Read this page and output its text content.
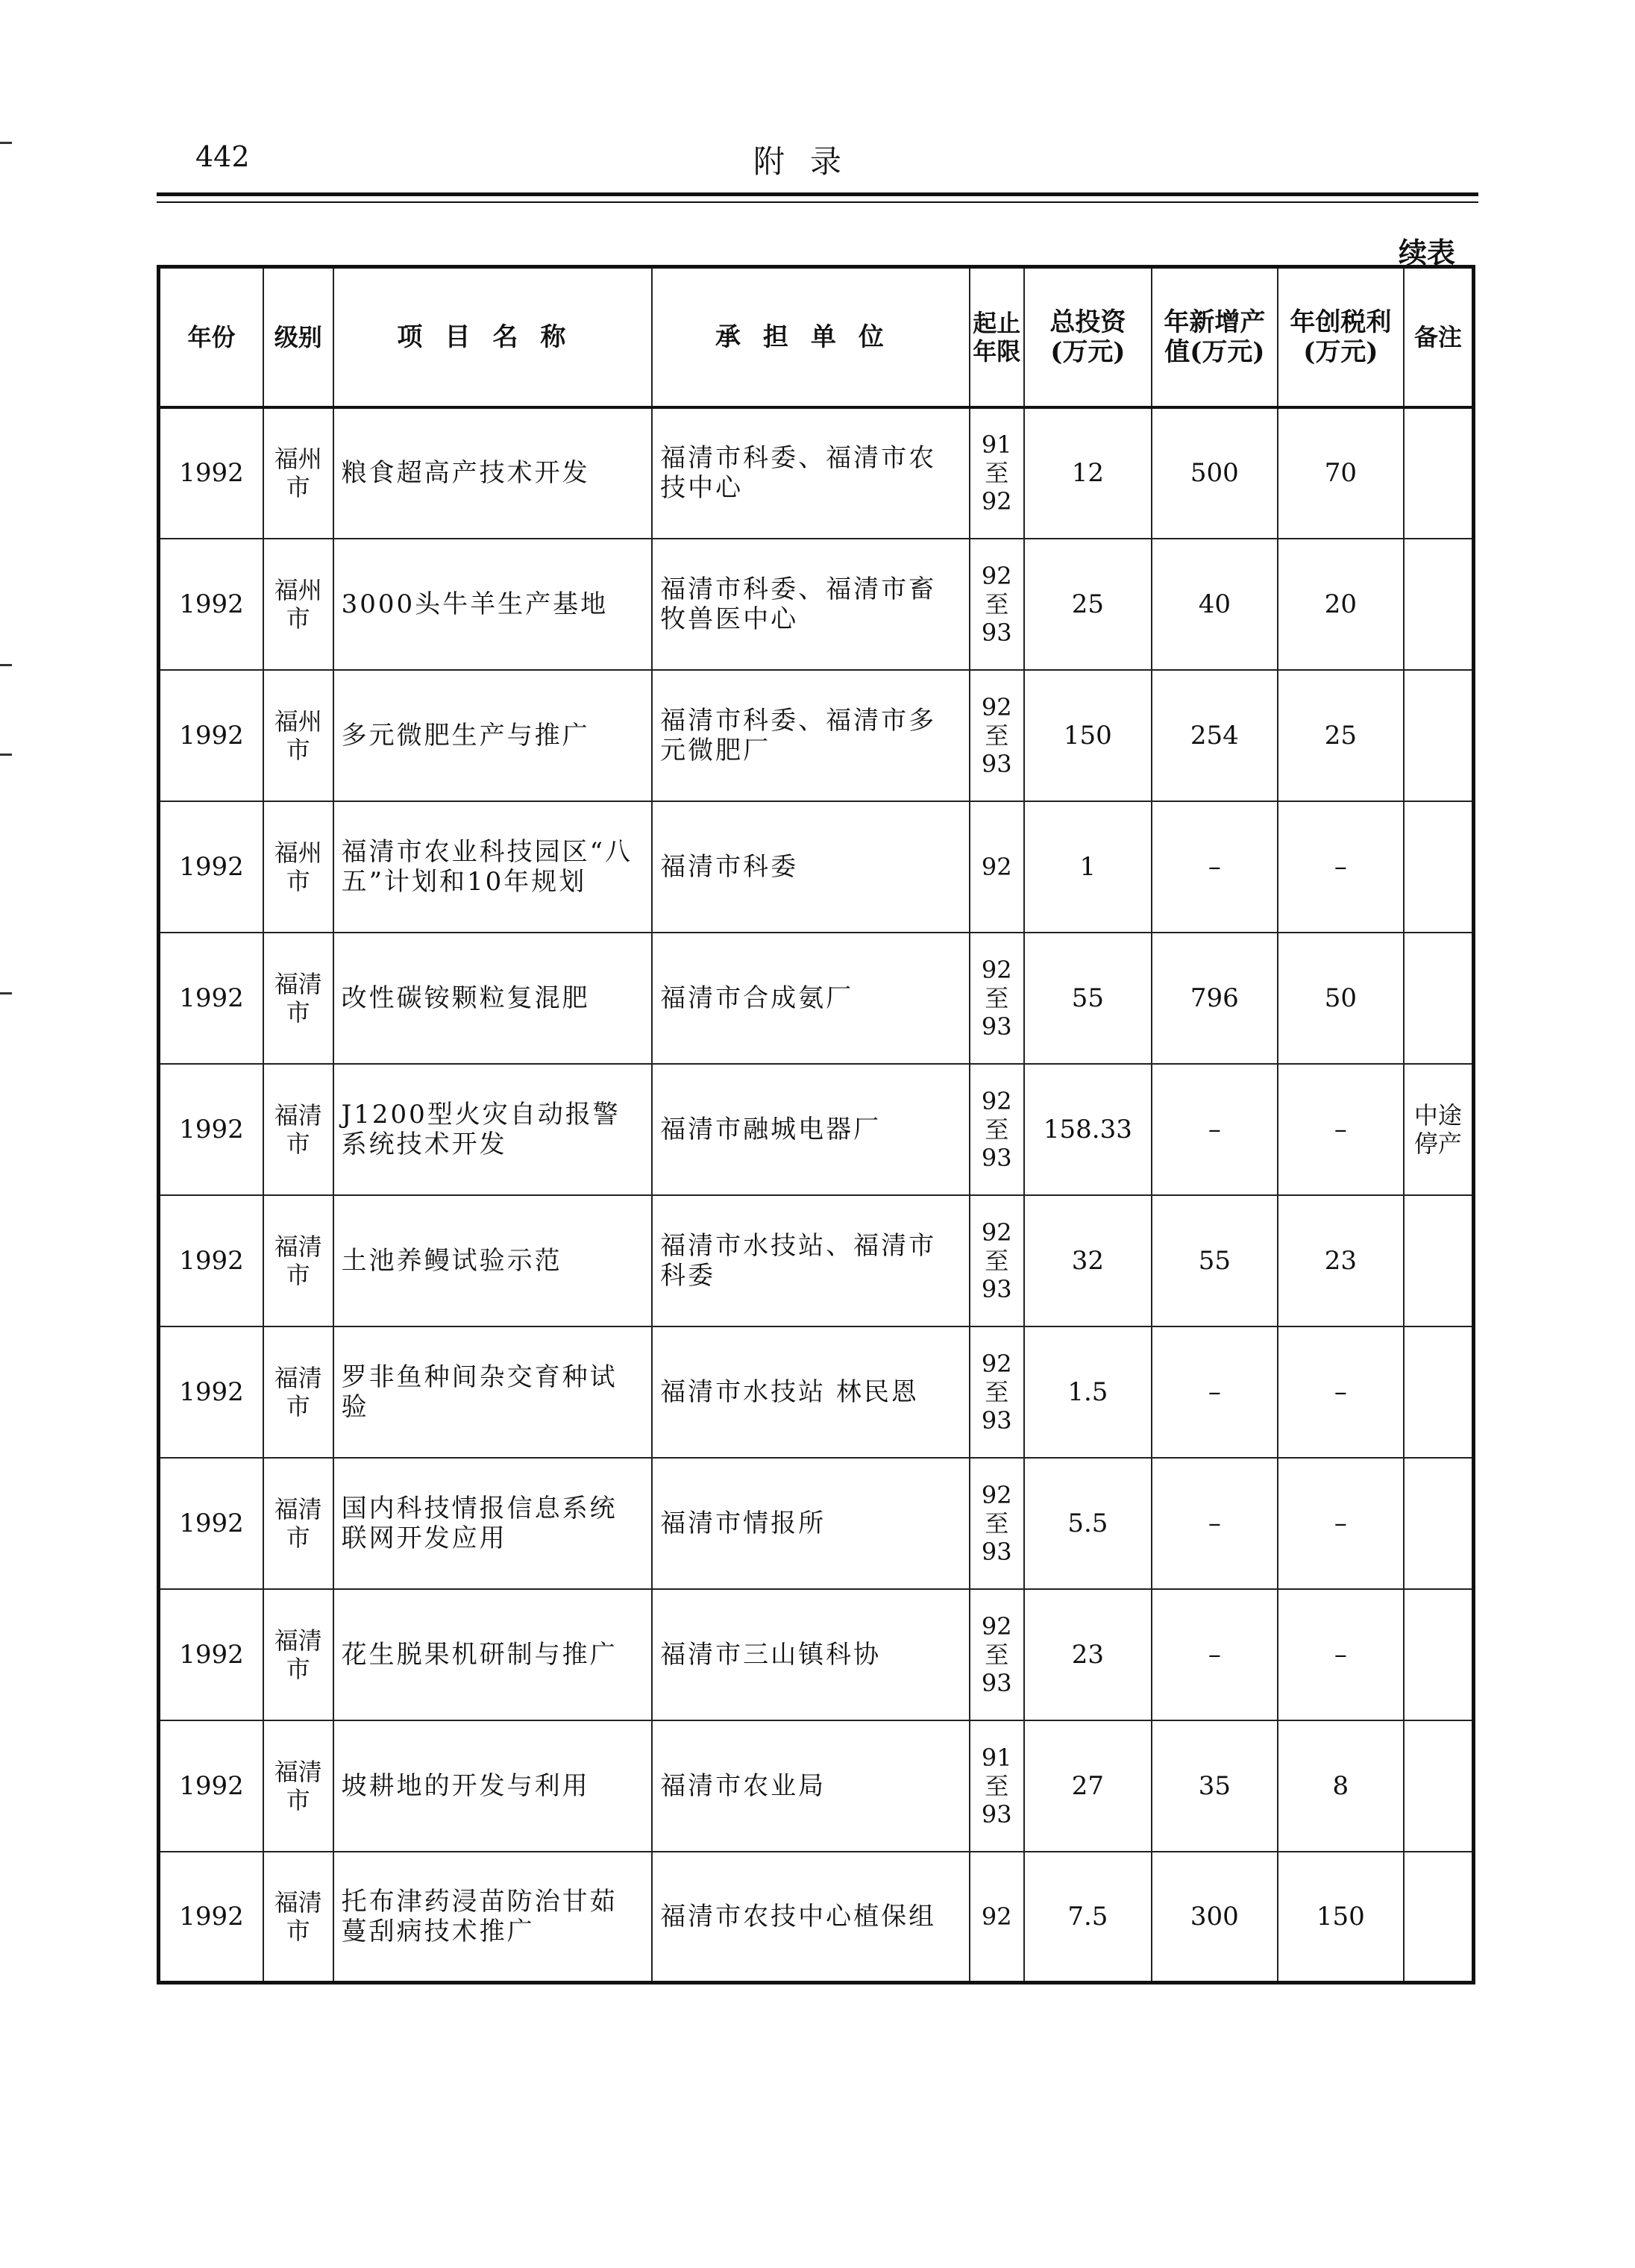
442	附录
续表
年份	级别	项目名称	承担单位	起止年限	总投资(万元)	年新增产值(万元)	年创税利(万元)	备注
1992	福州市	粮食超高产技术开发	福清市科委、福清市农技中心	91至92	12	500	70	
1992	福州市	3000头牛羊生产基地	福清市科委、福清市畜牧兽医中心	92至93	25	40	20	
1992	福州市	多元微肥生产与推广	福清市科委、福清市多元微肥厂	92至93	150	254	25	
1992	福州市	福清市农业科技园区“八五”计划和10年规划	福清市科委	92	1	–	–	
1992	福清市	改性碳铵颗粒复混肥	福清市合成氨厂	92至93	55	796	50	
1992	福清市	J1200型火灾自动报警系统技术开发	福清市融城电器厂	92至93	158.33	–	–	中途停产
1992	福清市	土池养鳗试验示范	福清市水技站、福清市科委	92至93	32	55	23	
1992	福清市	罗非鱼种间杂交育种试验	福清市水技站 林民恩	92至93	1.5	–	–	
1992	福清市	国内科技情报信息系统联网开发应用	福清市情报所	92至93	5.5	–	–	
1992	福清市	花生脱果机研制与推广	福清市三山镇科协	92至93	23	–	–	
1992	福清市	坡耕地的开发与利用	福清市农业局	91至93	27	35	8	
1992	福清市	托布津药浸苗防治甘茹蔓刮病技术推广	福清市农技中心植保组	92	7.5	300	150	
